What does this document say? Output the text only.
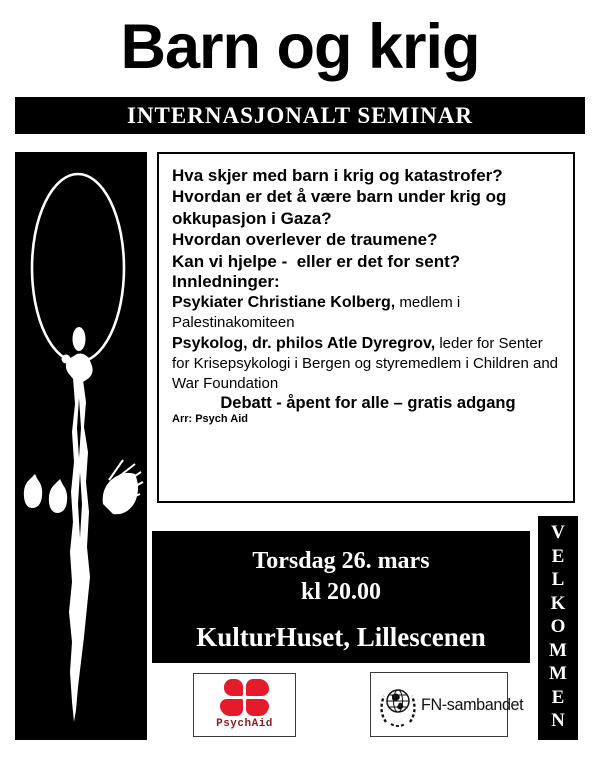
Barn og krig
INTERNASJONALT SEMINAR

Hva skjer med barn i krig og katastrofer?

Hvordan er det å være barn under krig og okkupasjon i Gaza?

Hvordan overlever de traumene?

Kan vi hjelpe -  eller er det for sent?

Innledninger:

Psykiater Christiane Kolberg, medlem i Palestinakomiteen

Psykolog, dr. philos Atle Dyregrov, leder for Senter for Krisepsykologi i Bergen og styremedlem i Children and War Foundation

Debatt - åpent for alle – gratis adgang

Arr: Psych Aid

Torsdag 26. mars
kl 20.00
KulturHuset, Lillescenen
V
E
L
K
O
M
M
E
N
PsychAid
FN-sambandet
